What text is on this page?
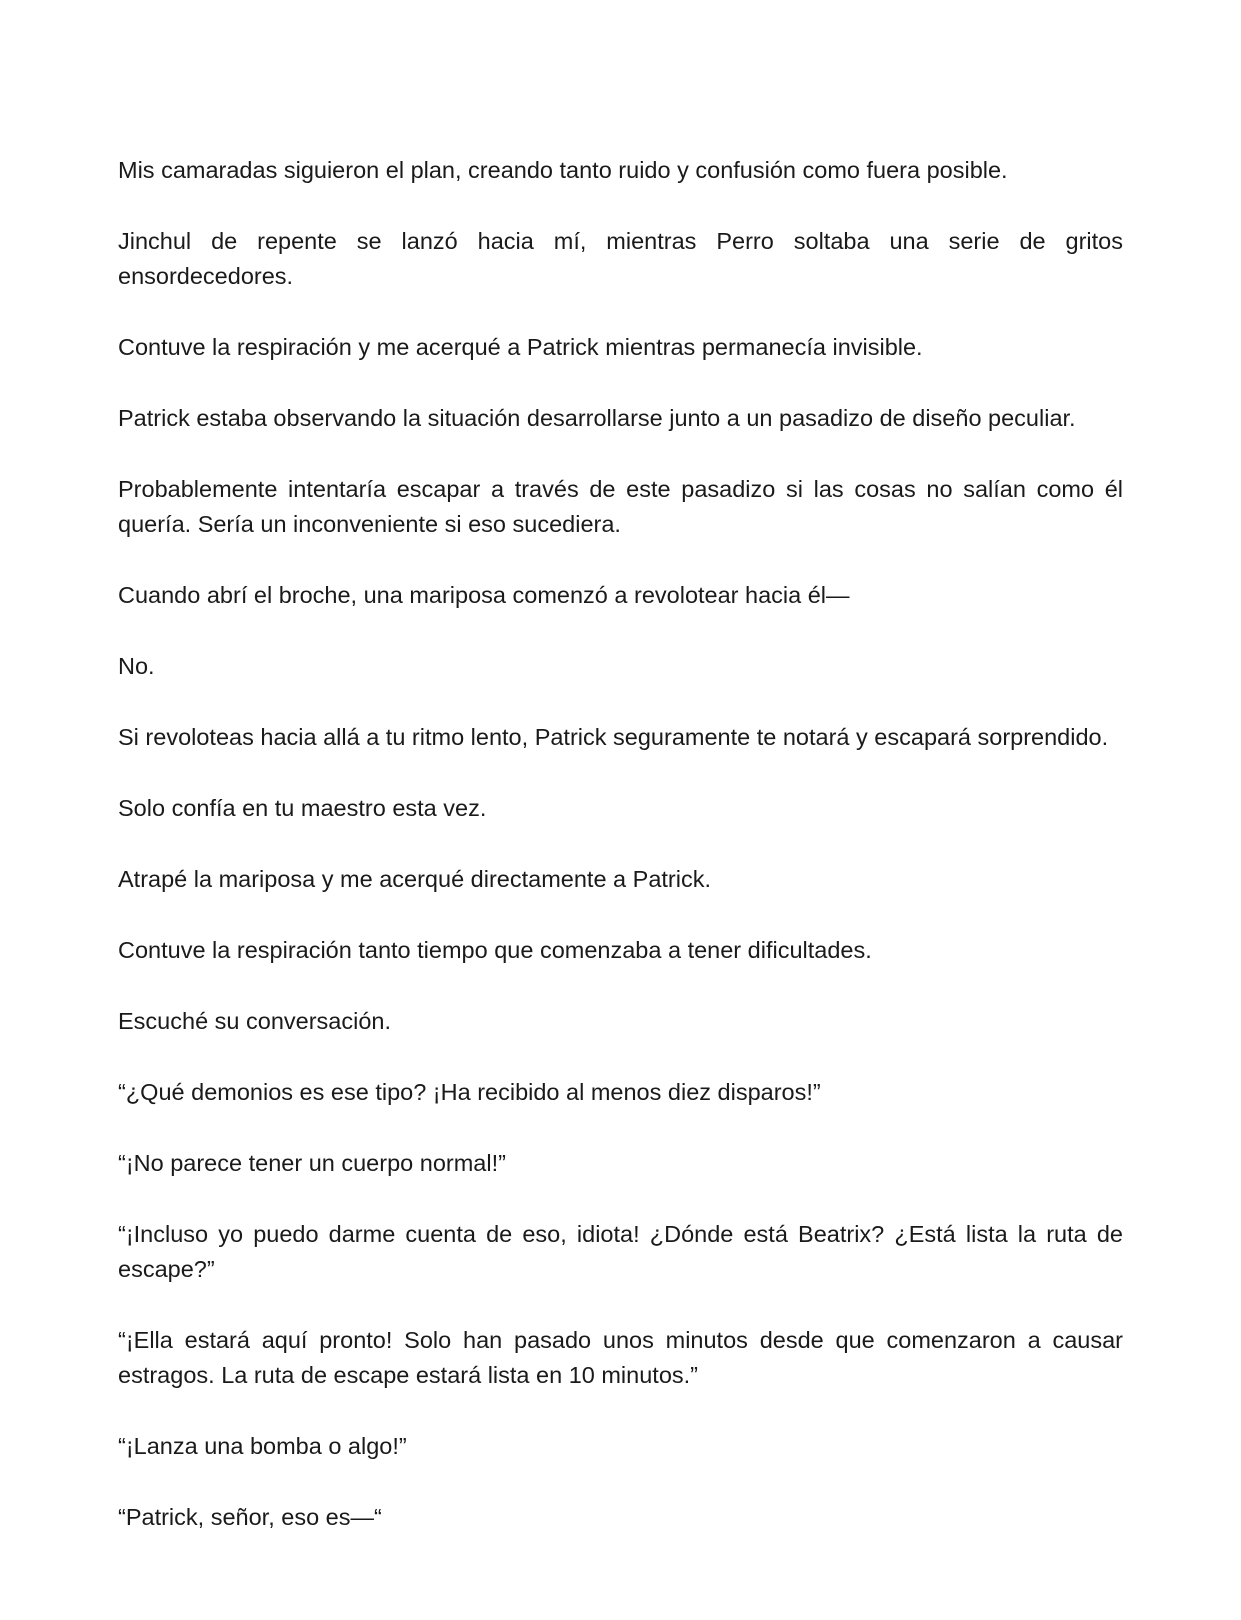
Mis camaradas siguieron el plan, creando tanto ruido y confusión como fuera posible.

Jinchul de repente se lanzó hacia mí, mientras Perro soltaba una serie de gritos ensordecedores.

Contuve la respiración y me acerqué a Patrick mientras permanecía invisible.

Patrick estaba observando la situación desarrollarse junto a un pasadizo de diseño peculiar.

Probablemente intentaría escapar a través de este pasadizo si las cosas no salían como él quería. Sería un inconveniente si eso sucediera.

Cuando abrí el broche, una mariposa comenzó a revolotear hacia él—

No.

Si revoloteas hacia allá a tu ritmo lento, Patrick seguramente te notará y escapará sorprendido.

Solo confía en tu maestro esta vez.

Atrapé la mariposa y me acerqué directamente a Patrick.

Contuve la respiración tanto tiempo que comenzaba a tener dificultades.

Escuché su conversación.

“¿Qué demonios es ese tipo? ¡Ha recibido al menos diez disparos!”

“¡No parece tener un cuerpo normal!”

“¡Incluso yo puedo darme cuenta de eso, idiota! ¿Dónde está Beatrix? ¿Está lista la ruta de escape?”

“¡Ella estará aquí pronto! Solo han pasado unos minutos desde que comenzaron a causar estragos. La ruta de escape estará lista en 10 minutos.”

“¡Lanza una bomba o algo!”

“Patrick, señor, eso es—“
